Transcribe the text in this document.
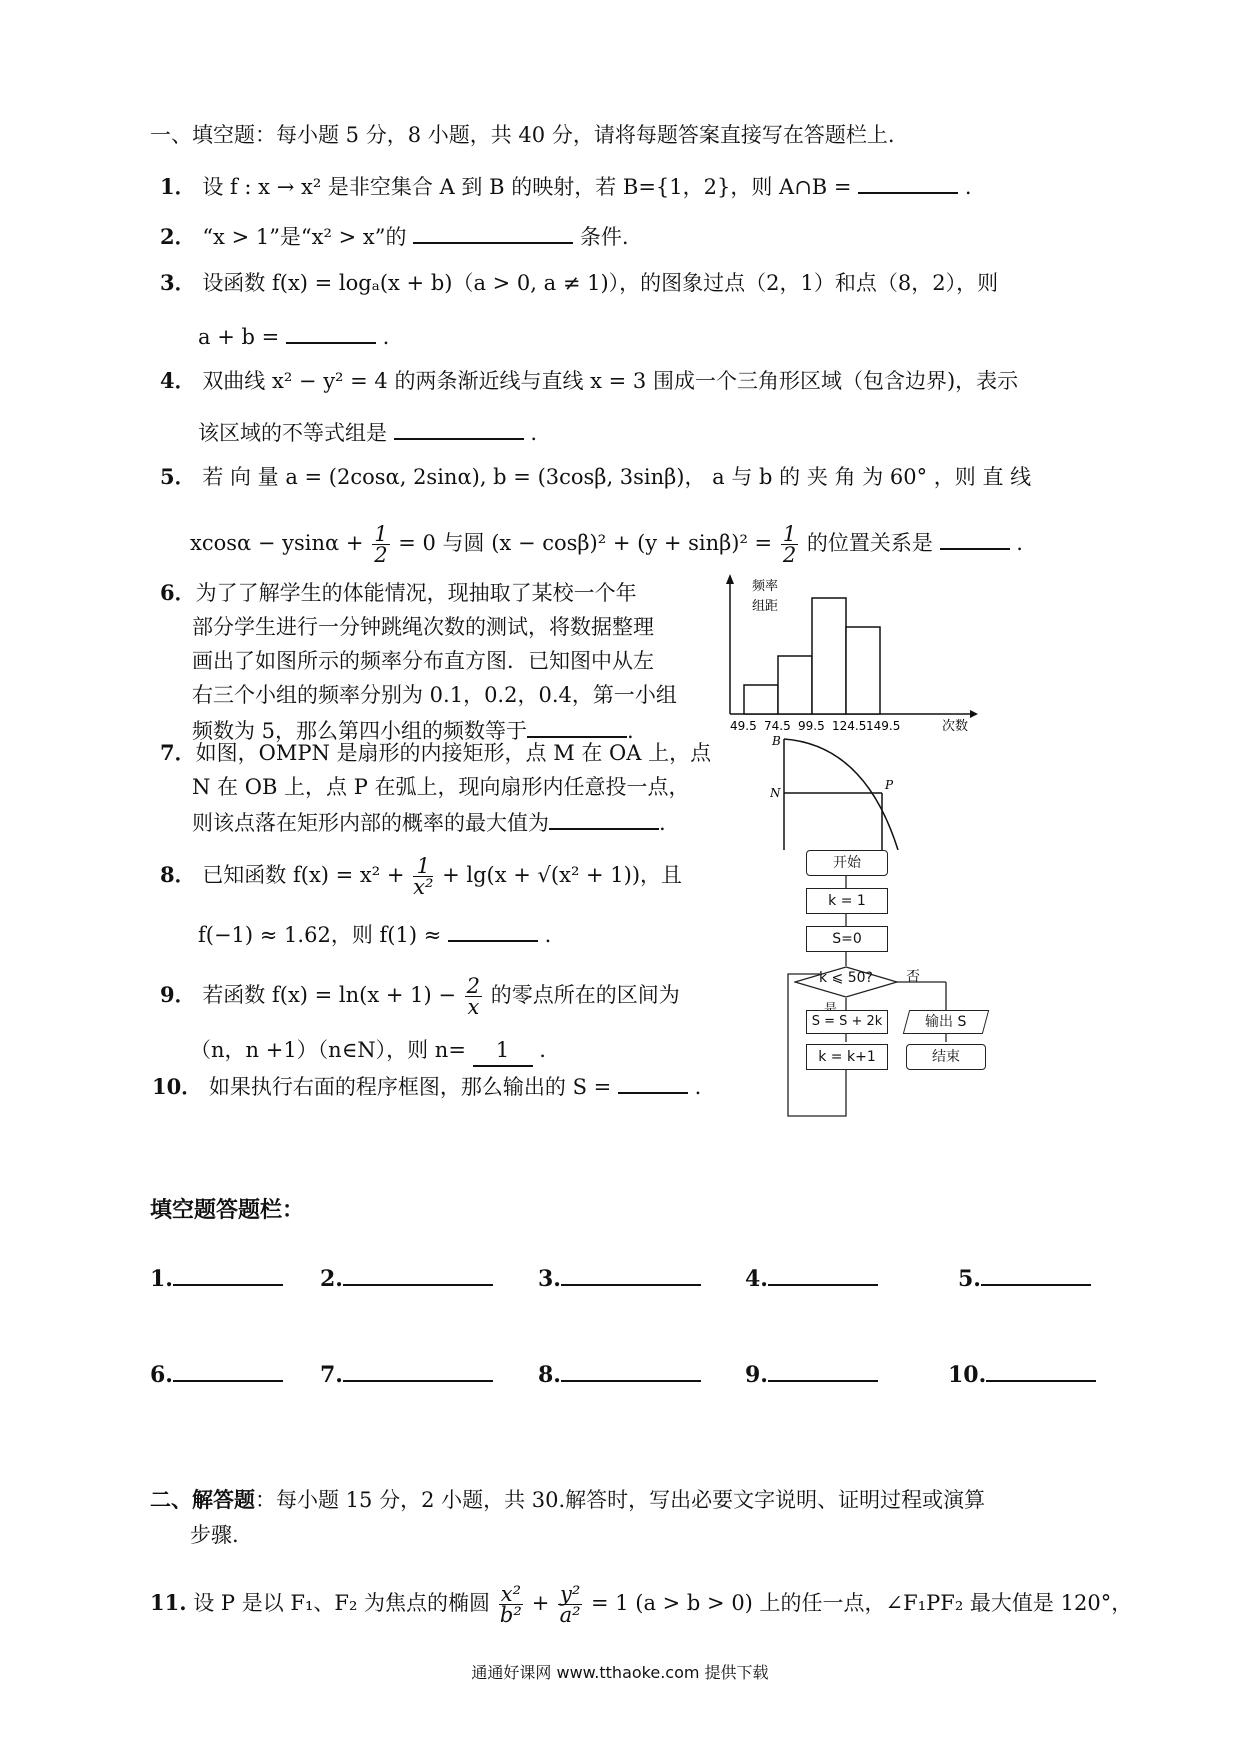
一、填空题：每小题 5 分，8 小题，共 40 分，请将每题答案直接写在答题栏上.
1． 设 f : x → x² 是非空集合 A 到 B 的映射，若 B={1，2}，则 A∩B =	.
2． “x > 1”是“x² > x”的	条件.
3． 设函数 f(x) = logₐ(x + b)（a > 0, a ≠ 1)），的图象过点（2，1）和点（8，2），则
a + b =	.
4． 双曲线 x² − y² = 4 的两条渐近线与直线 x = 3 围成一个三角形区域（包含边界)，表示
该区域的不等式组是	.
5． 若 向 量 a = (2cosα, 2sinα), b = (3cosβ, 3sinβ)， a 与 b 的 夹 角 为 60° ，则 直 线
$xcos\alpha - ysin\alpha + \frac{1}{2} = 0$ 与圆 $(x - \cos\beta)^2 + (y + \sin\beta)^2 = \frac{1}{2}$ 的位置关系是	.
6．为了了解学生的体能情况，现抽取了某校一个年
部分学生进行一分钟跳绳次数的测试，将数据整理
画出了如图所示的频率分布直方图．已知图中从左
右三个小组的频率分别为 0.1，0.2，0.4，第一小组
频数为 5，那么第四小组的频数等于	.
频率
组距
49.5 74.5 99.5 124.5 149.5	次数
7．如图，OMPN 是扇形的内接矩形，点 M 在 OA 上，点
N 在 OB 上，点 P 在弧上，现向扇形内任意投一点，
则该点落在矩形内部的概率的最大值为	.
B
N
P
8． 已知函数 $f(x) = x^2 + \frac{1}{\text{x²}} + \lg(x + √(x^2 + 1))$，且
f(−1) ≈ 1.62，则 f(1) ≈	.
9． 若函数 $f(x) = \ln(x + 1) - \frac{2}{x}$ 的零点所在的区间为
（n，n +1）（n∈N），则 n= 1 .
10． 如果执行右面的程序框图，那么输出的 S =	.
开始
k = 1
S=0
k ⩽ 50?	否
S = S + 2k	输出 S
k = k+1	结束
填空题答题栏：
1.	2.	3.	4.	5.
6.	7.	8.	9.	10.
二、解答题：每小题 15 分，2 小题，共 30.解答时，写出必要文字说明、证明过程或演算
步骤.
11. 设 P 是以 F₁、F₂ 为焦点的椭圆 $\frac{\text{x²}}{\text{b²}} + \frac{\text{y²}}{\text{a²}} = 1$ (a > b > 0) 上的任一点，∠F₁PF₂ 最大值是 120°，
通通好课网 www.tthaoke.com 提供下载
